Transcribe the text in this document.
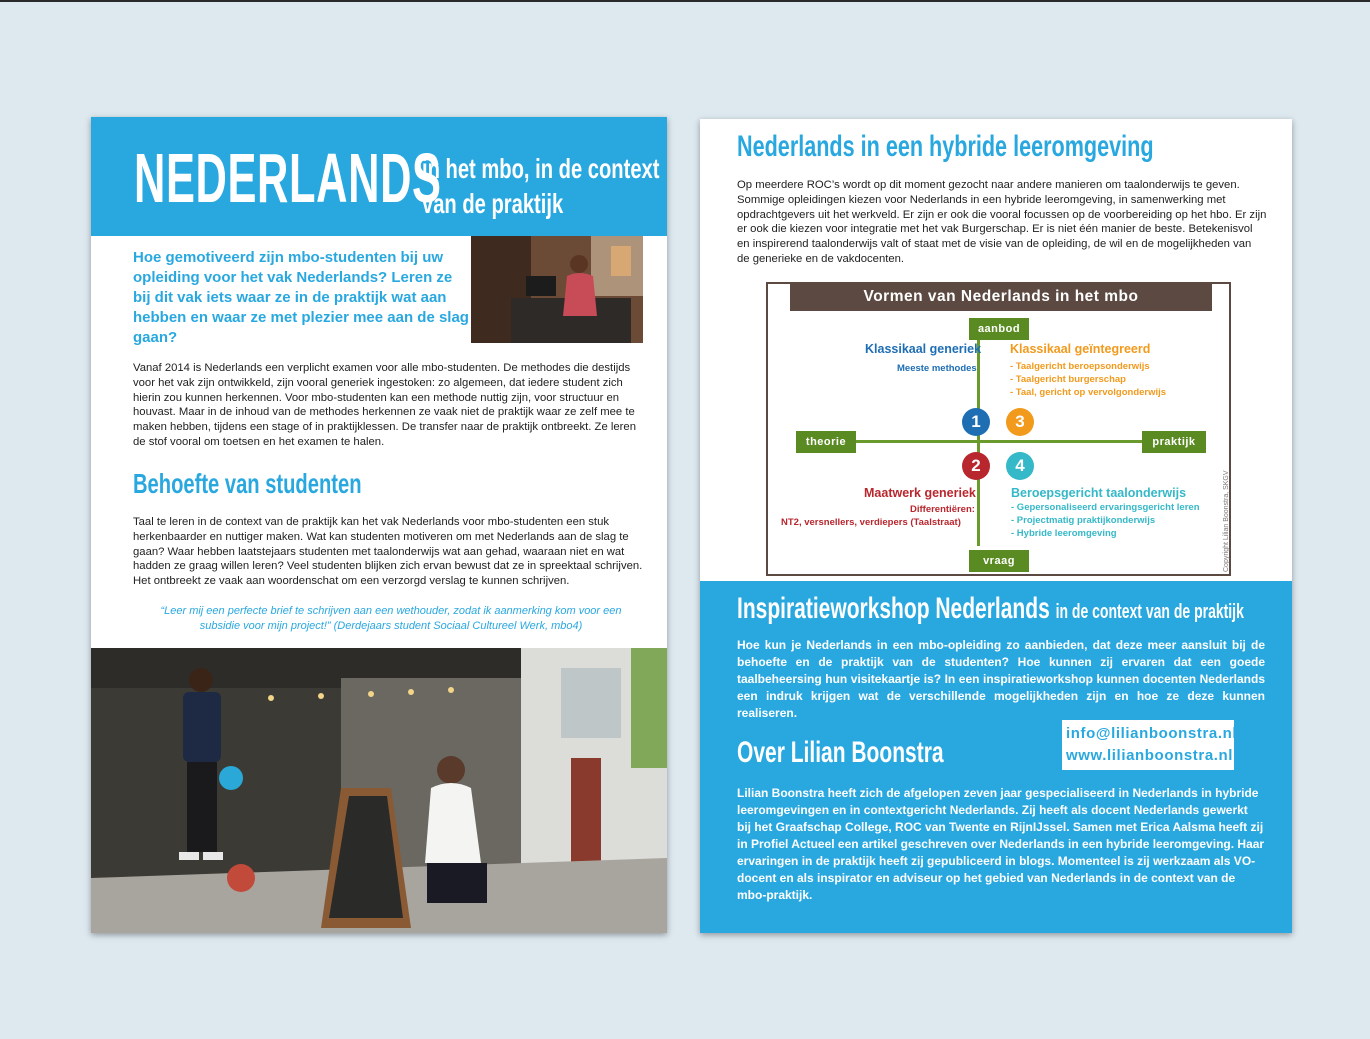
NEDERLANDS
in het mbo, in de context
van de praktijk
Hoe gemotiveerd zijn mbo-studenten bij uw opleiding voor het vak Nederlands? Leren ze bij dit vak iets waar ze in de praktijk wat aan hebben en waar ze met plezier mee aan de slag gaan?
Vanaf 2014 is Nederlands een verplicht examen voor alle mbo-studenten. De methodes die destijds voor het vak zijn ontwikkeld, zijn vooral generiek ingestoken: zo algemeen, dat iedere student zich hierin zou kunnen herkennen. Voor mbo-studenten kan een methode nuttig zijn, voor structuur en houvast. Maar in de inhoud van de methodes herkennen ze vaak niet de praktijk waar ze zelf mee te maken hebben, tijdens een stage of in praktijklessen. De transfer naar de praktijk ontbreekt. Ze leren de stof vooral om toetsen en het examen te halen.
Behoefte van studenten
Taal te leren in de context van de praktijk kan het vak Nederlands voor mbo-studenten een stuk herkenbaarder en nuttiger maken. Wat kan studenten motiveren om met Nederlands aan de slag te gaan? Waar hebben laatstejaars studenten met taalonderwijs wat aan gehad, waaraan niet en wat hadden ze graag willen leren? Veel studenten blijken zich ervan bewust dat ze in spreektaal schrijven. Het ontbreekt ze vaak aan woordenschat om een verzorgd verslag te kunnen schrijven.
“Leer mij een perfecte brief te schrijven aan een wethouder, zodat ik aanmerking kom voor een subsidie voor mijn project!” (Derdejaars student Sociaal Cultureel Werk, mbo4)
Nederlands in een hybride leeromgeving
Op meerdere ROC’s wordt op dit moment gezocht naar andere manieren om taalonderwijs te geven. Sommige opleidingen kiezen voor Nederlands in een hybride leeromgeving, in samenwerking met opdrachtgevers uit het werkveld. Er zijn er ook die vooral focussen op de voorbereiding op het hbo. Er zijn er ook die kiezen voor integratie met het vak Burgerschap. Er is niet één manier de beste. Betekenisvol en inspirerend taalonderwijs valt of staat met de visie van de opleiding, de wil en de mogelijkheden van de generieke en de vakdocenten.
Vormen van Nederlands in het mbo
aanbod
vraag
theorie	praktijk
1
2
3
4
Klassikaal generiek
Meeste methodes
Klassikaal geïntegreerd
- Taalgericht beroepsonderwijs
- Taalgericht burgerschap
- Taal, gericht op vervolgonderwijs
Maatwerk generiek
Differentiëren:
NT2, versnellers, verdiepers (Taalstraat)
Beroepsgericht taalonderwijs
- Gepersonaliseerd ervaringsgericht leren
- Projectmatig praktijkonderwijs
- Hybride leeromgeving	Copyright Lilian Boonstra, SKGV
Inspiratieworkshop Nederlands in de context van de praktijk
Hoe kun je Nederlands in een mbo-opleiding zo aanbieden, dat deze meer aansluit bij de behoefte en de praktijk van de studenten? Hoe kunnen zij ervaren dat een goede taalbeheersing hun visitekaartje is? In een inspiratieworkshop kunnen docenten Nederlands een indruk krijgen wat de verschillende mogelijkheden zijn en hoe ze deze kunnen realiseren.
Over Lilian Boonstra
info@lilianboonstra.nl
www.lilianboonstra.nl
Lilian Boonstra heeft zich de afgelopen zeven jaar gespecialiseerd in Nederlands in hybride leeromgevingen en in contextgericht Nederlands. Zij heeft als docent Nederlands gewerkt bij het Graafschap College, ROC van Twente en RijnIJssel. Samen met Erica Aalsma heeft zij in Profiel Actueel een artikel geschreven over Nederlands in een hybride leeromgeving. Haar ervaringen in de praktijk heeft zij gepubliceerd in blogs. Momenteel is zij werkzaam als VO-docent en als inspirator en adviseur op het gebied van Nederlands in de context van de mbo-praktijk.
